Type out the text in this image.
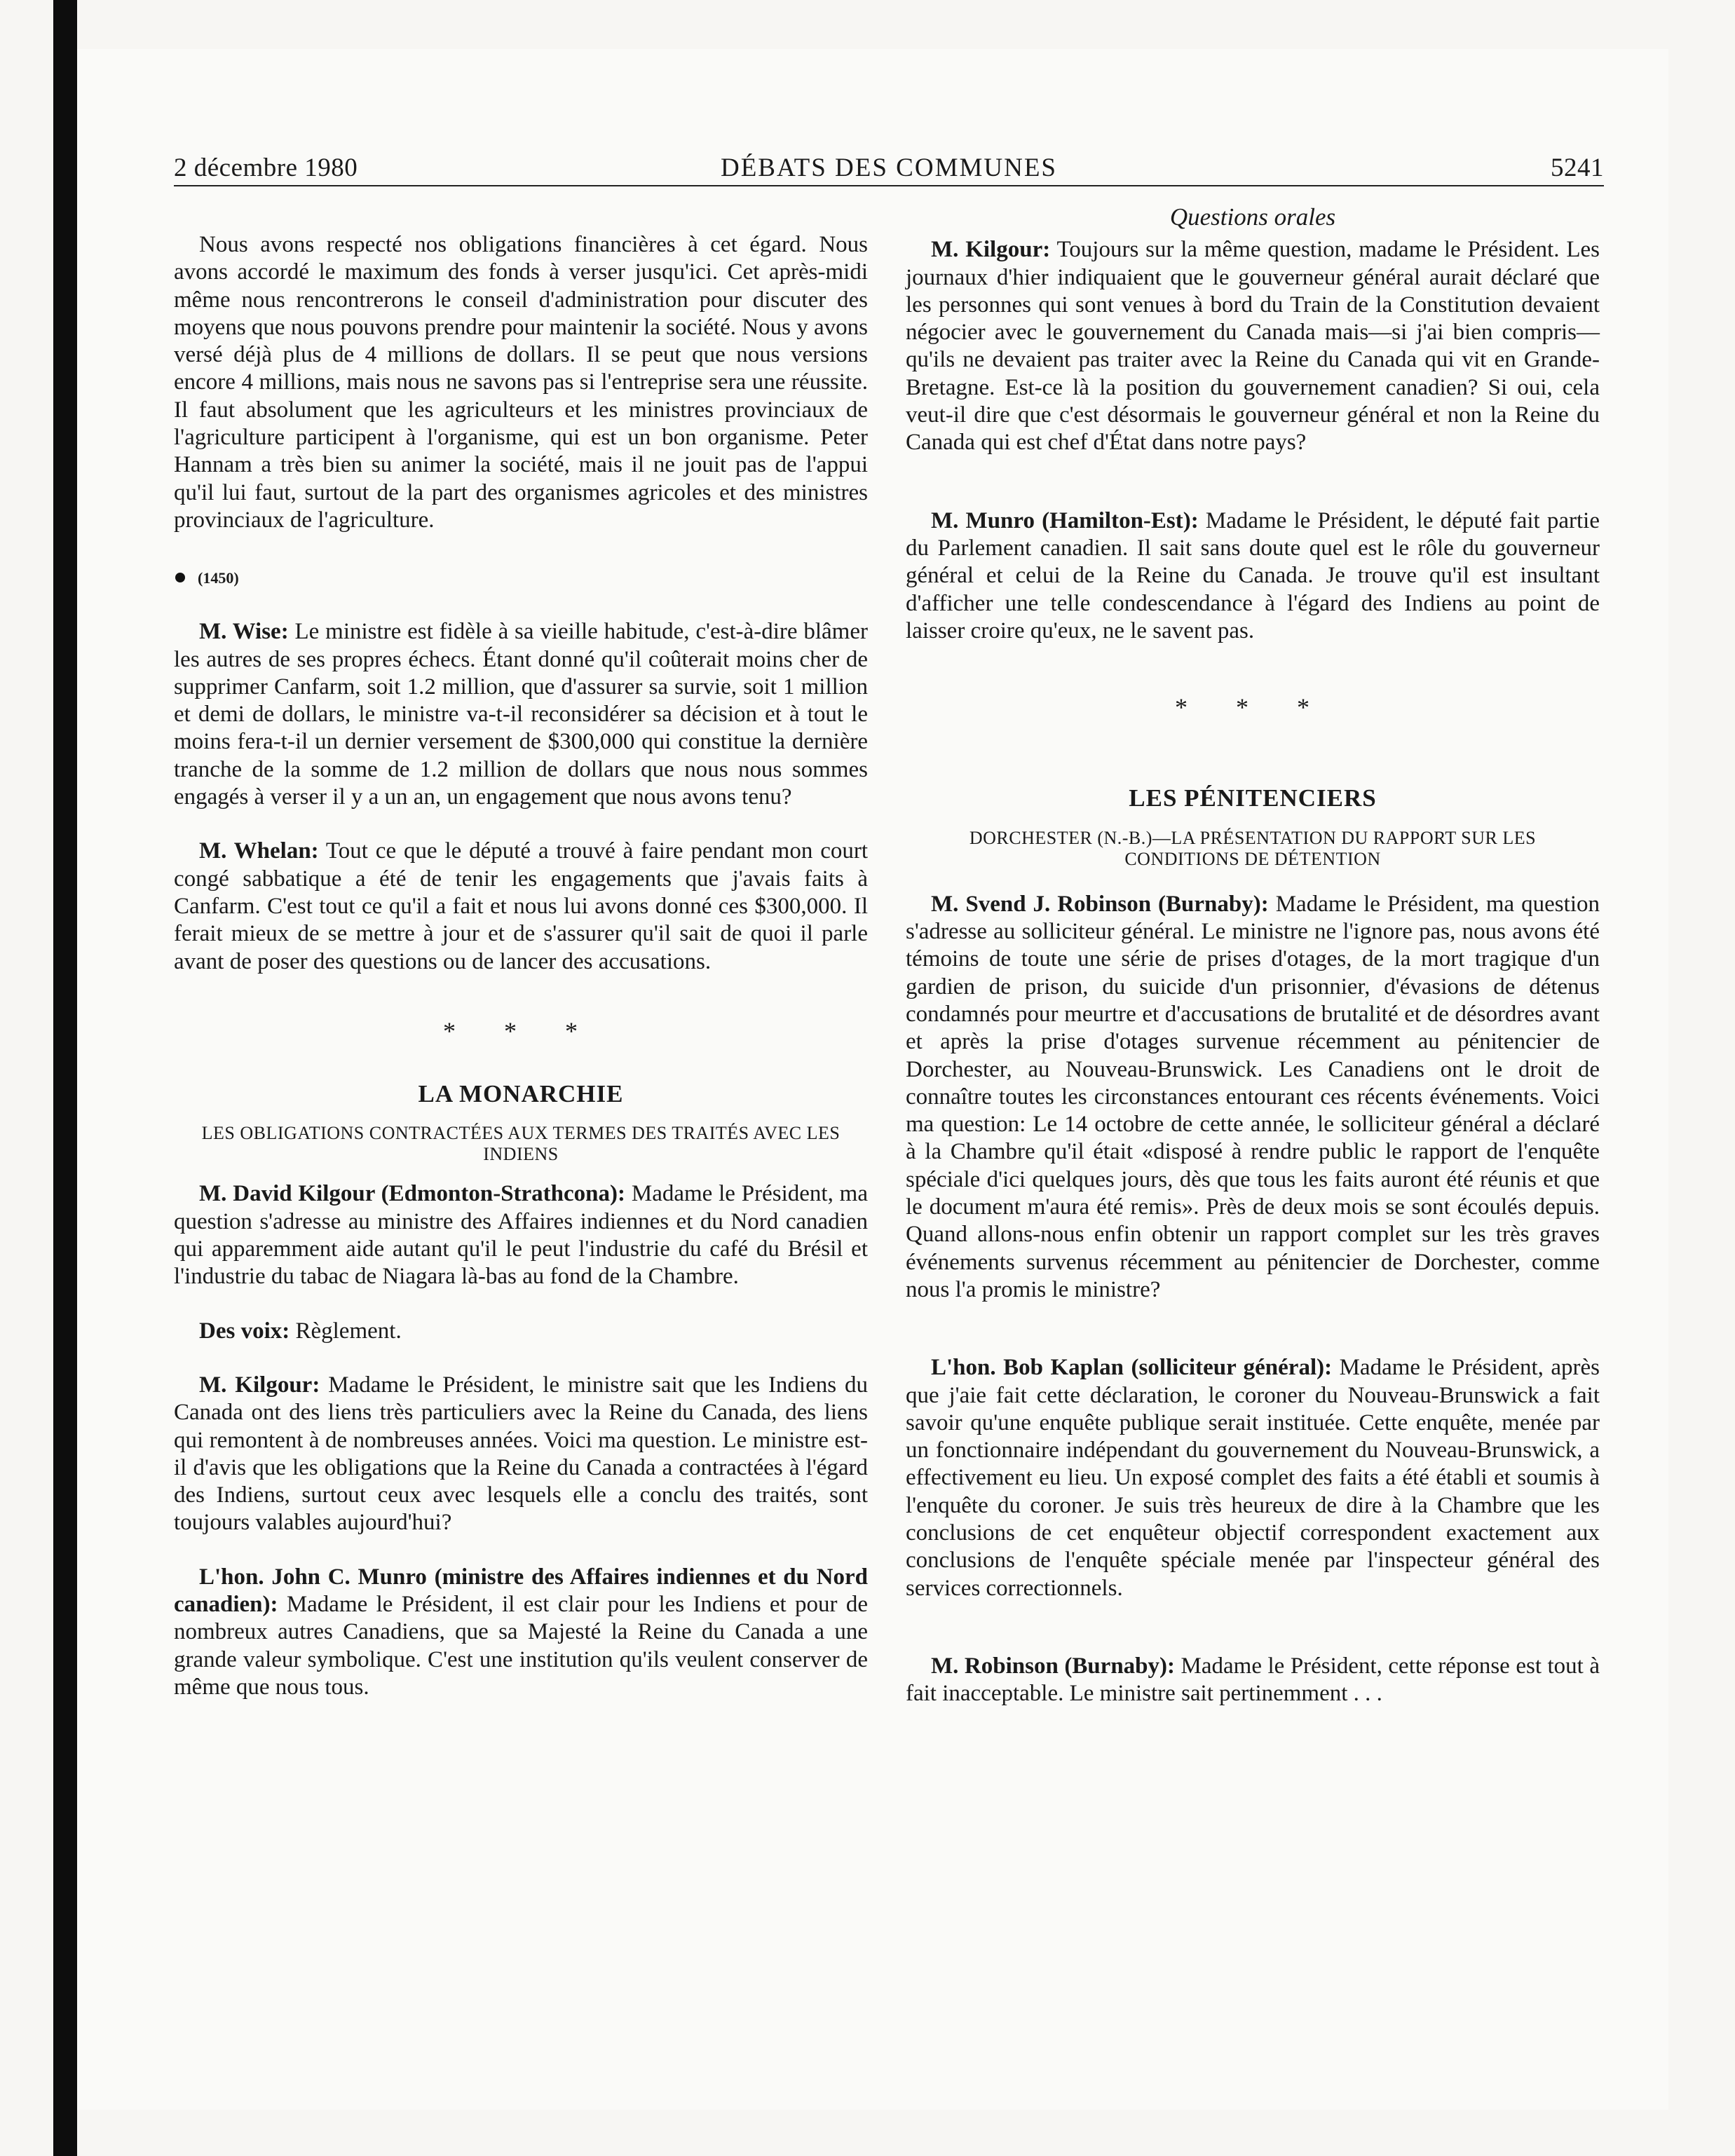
2 décembre 1980	DÉBATS DES COMMUNES	5241

Nous avons respecté nos obligations financières à cet égard. Nous avons accordé le maximum des fonds à verser jusqu'ici. Cet après-midi même nous rencontrerons le conseil d'administration pour discuter des moyens que nous pouvons prendre pour maintenir la société. Nous y avons versé déjà plus de 4 millions de dollars. Il se peut que nous versions encore 4 millions, mais nous ne savons pas si l'entreprise sera une réussite. Il faut absolument que les agriculteurs et les ministres provinciaux de l'agriculture participent à l'organisme, qui est un bon organisme. Peter Hannam a très bien su animer la société, mais il ne jouit pas de l'appui qu'il lui faut, surtout de la part des organismes agricoles et des ministres provinciaux de l'agriculture.

(1450)

M. Wise: Le ministre est fidèle à sa vieille habitude, c'est-à-dire blâmer les autres de ses propres échecs. Étant donné qu'il coûterait moins cher de supprimer Canfarm, soit 1.2 million, que d'assurer sa survie, soit 1 million et demi de dollars, le ministre va-t-il reconsidérer sa décision et à tout le moins fera-t-il un dernier versement de $300,000 qui constitue la dernière tranche de la somme de 1.2 million de dollars que nous nous sommes engagés à verser il y a un an, un engagement que nous avons tenu?

M. Whelan: Tout ce que le député a trouvé à faire pendant mon court congé sabbatique a été de tenir les engagements que j'avais faits à Canfarm. C'est tout ce qu'il a fait et nous lui avons donné ces $300,000. Il ferait mieux de se mettre à jour et de s'assurer qu'il sait de quoi il parle avant de poser des questions ou de lancer des accusations.

* * *
LA MONARCHIE
LES OBLIGATIONS CONTRACTÉES AUX TERMES DES TRAITÉS AVEC LES INDIENS

M. David Kilgour (Edmonton-Strathcona): Madame le Président, ma question s'adresse au ministre des Affaires indiennes et du Nord canadien qui apparemment aide autant qu'il le peut l'industrie du café du Brésil et l'industrie du tabac de Niagara là-bas au fond de la Chambre.

Des voix: Règlement.

M. Kilgour: Madame le Président, le ministre sait que les Indiens du Canada ont des liens très particuliers avec la Reine du Canada, des liens qui remontent à de nombreuses années. Voici ma question. Le ministre est-il d'avis que les obligations que la Reine du Canada a contractées à l'égard des Indiens, surtout ceux avec lesquels elle a conclu des traités, sont toujours valables aujourd'hui?

L'hon. John C. Munro (ministre des Affaires indiennes et du Nord canadien): Madame le Président, il est clair pour les Indiens et pour de nombreux autres Canadiens, que sa Majesté la Reine du Canada a une grande valeur symbolique. C'est une institution qu'ils veulent conserver de même que nous tous.

Questions orales

M. Kilgour: Toujours sur la même question, madame le Président. Les journaux d'hier indiquaient que le gouverneur général aurait déclaré que les personnes qui sont venues à bord du Train de la Constitution devaient négocier avec le gouvernement du Canada mais—si j'ai bien compris—qu'ils ne devaient pas traiter avec la Reine du Canada qui vit en Grande-Bretagne. Est-ce là la position du gouvernement canadien? Si oui, cela veut-il dire que c'est désormais le gouverneur général et non la Reine du Canada qui est chef d'État dans notre pays?

M. Munro (Hamilton-Est): Madame le Président, le député fait partie du Parlement canadien. Il sait sans doute quel est le rôle du gouverneur général et celui de la Reine du Canada. Je trouve qu'il est insultant d'afficher une telle condescendance à l'égard des Indiens au point de laisser croire qu'eux, ne le savent pas.

* * *
LES PÉNITENCIERS
DORCHESTER (N.-B.)—LA PRÉSENTATION DU RAPPORT SUR LES CONDITIONS DE DÉTENTION

M. Svend J. Robinson (Burnaby): Madame le Président, ma question s'adresse au solliciteur général. Le ministre ne l'ignore pas, nous avons été témoins de toute une série de prises d'otages, de la mort tragique d'un gardien de prison, du suicide d'un prisonnier, d'évasions de détenus condamnés pour meurtre et d'accusations de brutalité et de désordres avant et après la prise d'otages survenue récemment au pénitencier de Dorchester, au Nouveau-Brunswick. Les Canadiens ont le droit de connaître toutes les circonstances entourant ces récents événements. Voici ma question: Le 14 octobre de cette année, le solliciteur général a déclaré à la Chambre qu'il était «disposé à rendre public le rapport de l'enquête spéciale d'ici quelques jours, dès que tous les faits auront été réunis et que le document m'aura été remis». Près de deux mois se sont écoulés depuis. Quand allons-nous enfin obtenir un rapport complet sur les très graves événements survenus récemment au pénitencier de Dorchester, comme nous l'a promis le ministre?

L'hon. Bob Kaplan (solliciteur général): Madame le Président, après que j'aie fait cette déclaration, le coroner du Nouveau-Brunswick a fait savoir qu'une enquête publique serait instituée. Cette enquête, menée par un fonctionnaire indépendant du gouvernement du Nouveau-Brunswick, a effectivement eu lieu. Un exposé complet des faits a été établi et soumis à l'enquête du coroner. Je suis très heureux de dire à la Chambre que les conclusions de cet enquêteur objectif correspondent exactement aux conclusions de l'enquête spéciale menée par l'inspecteur général des services correctionnels.

M. Robinson (Burnaby): Madame le Président, cette réponse est tout à fait inacceptable. Le ministre sait pertinemment . . .
